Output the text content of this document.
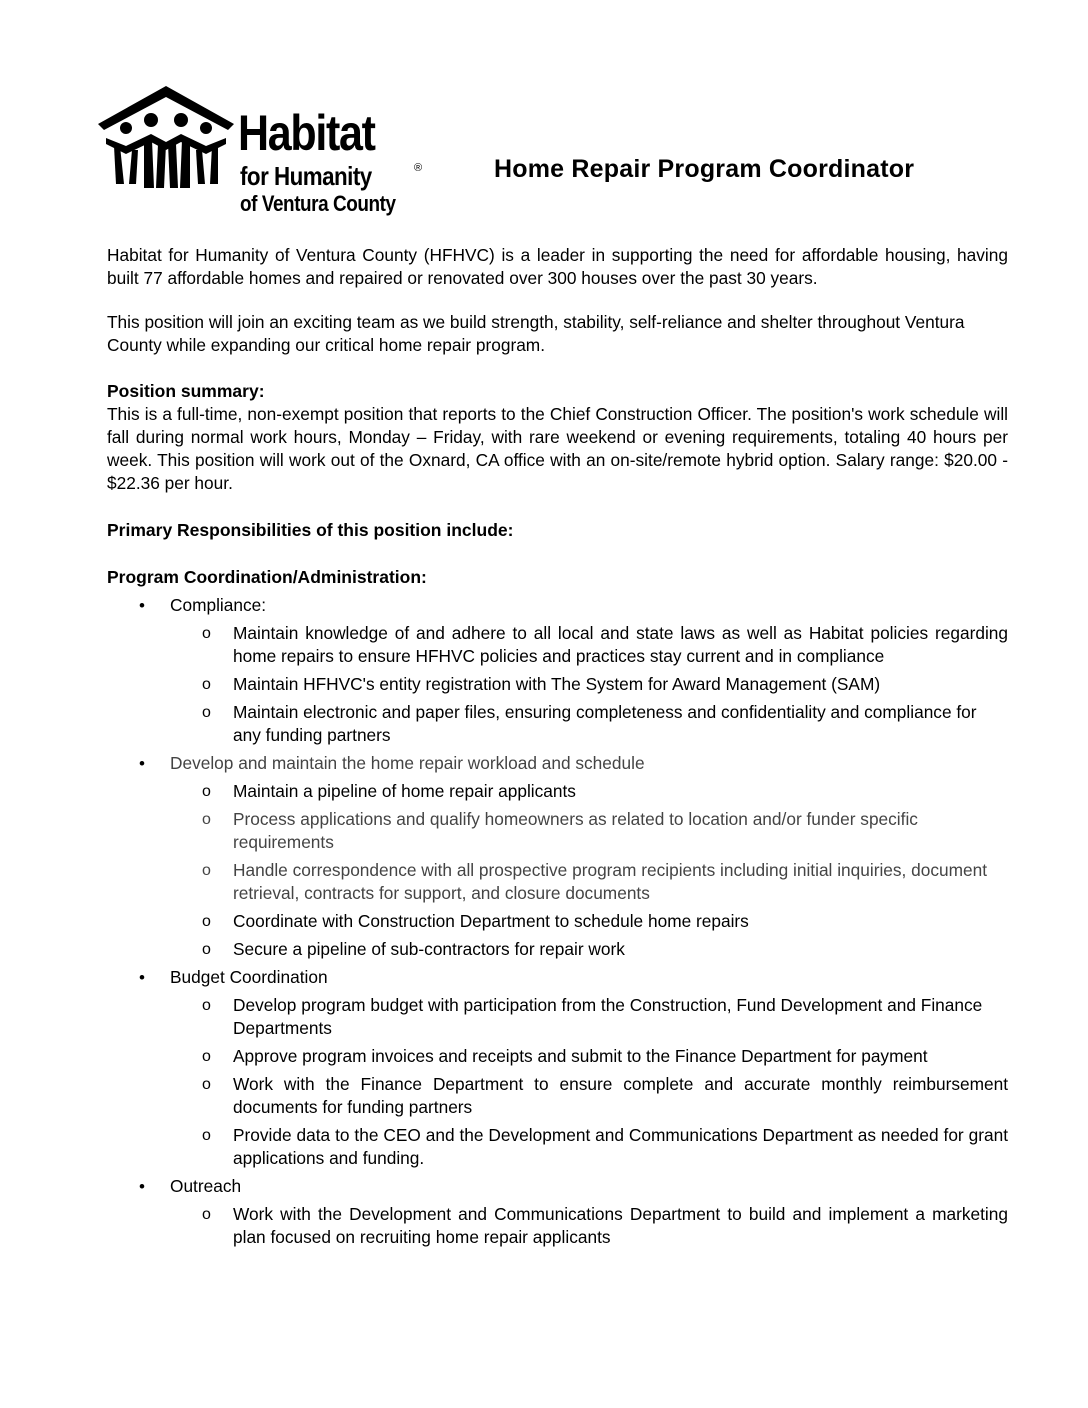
Habitat
for Humanity	®
of Ventura County
Home Repair Program Coordinator

Habitat for Humanity of Ventura County (HFHVC) is a leader in supporting the need for affordable housing, having built 77 affordable homes and repaired or renovated over 300 houses over the past 30 years.

This position will join an exciting team as we build strength, stability, self-reliance and shelter throughout Ventura County while expanding our critical home repair program.

Position summary:

This is a full-time, non-exempt position that reports to the Chief Construction Officer. The position's work schedule will fall during normal work hours, Monday – Friday, with rare weekend or evening requirements, totaling 40 hours per week. This position will work out of the Oxnard, CA office with an on-site/remote hybrid option. Salary range: $20.00 - $22.36 per hour.

Primary Responsibilities of this position include:
Program Coordination/Administration:
• Compliance:
o Maintain knowledge of and adhere to all local and state laws as well as Habitat policies regarding home repairs to ensure HFHVC policies and practices stay current and in compliance
o Maintain HFHVC's entity registration with The System for Award Management (SAM)
o Maintain electronic and paper files, ensuring completeness and confidentiality and compliance for any funding partners
• Develop and maintain the home repair workload and schedule
o Maintain a pipeline of home repair applicants
o Process applications and qualify homeowners as related to location and/or funder specific requirements
o Handle correspondence with all prospective program recipients including initial inquiries, document retrieval, contracts for support, and closure documents
o Coordinate with Construction Department to schedule home repairs
o Secure a pipeline of sub-contractors for repair work
• Budget Coordination
o Develop program budget with participation from the Construction, Fund Development and Finance Departments
o Approve program invoices and receipts and submit to the Finance Department for payment
o Work with the Finance Department to ensure complete and accurate monthly reimbursement documents for funding partners
o Provide data to the CEO and the Development and Communications Department as needed for grant applications and funding.
• Outreach
o Work with the Development and Communications Department to build and implement a marketing plan focused on recruiting home repair applicants
